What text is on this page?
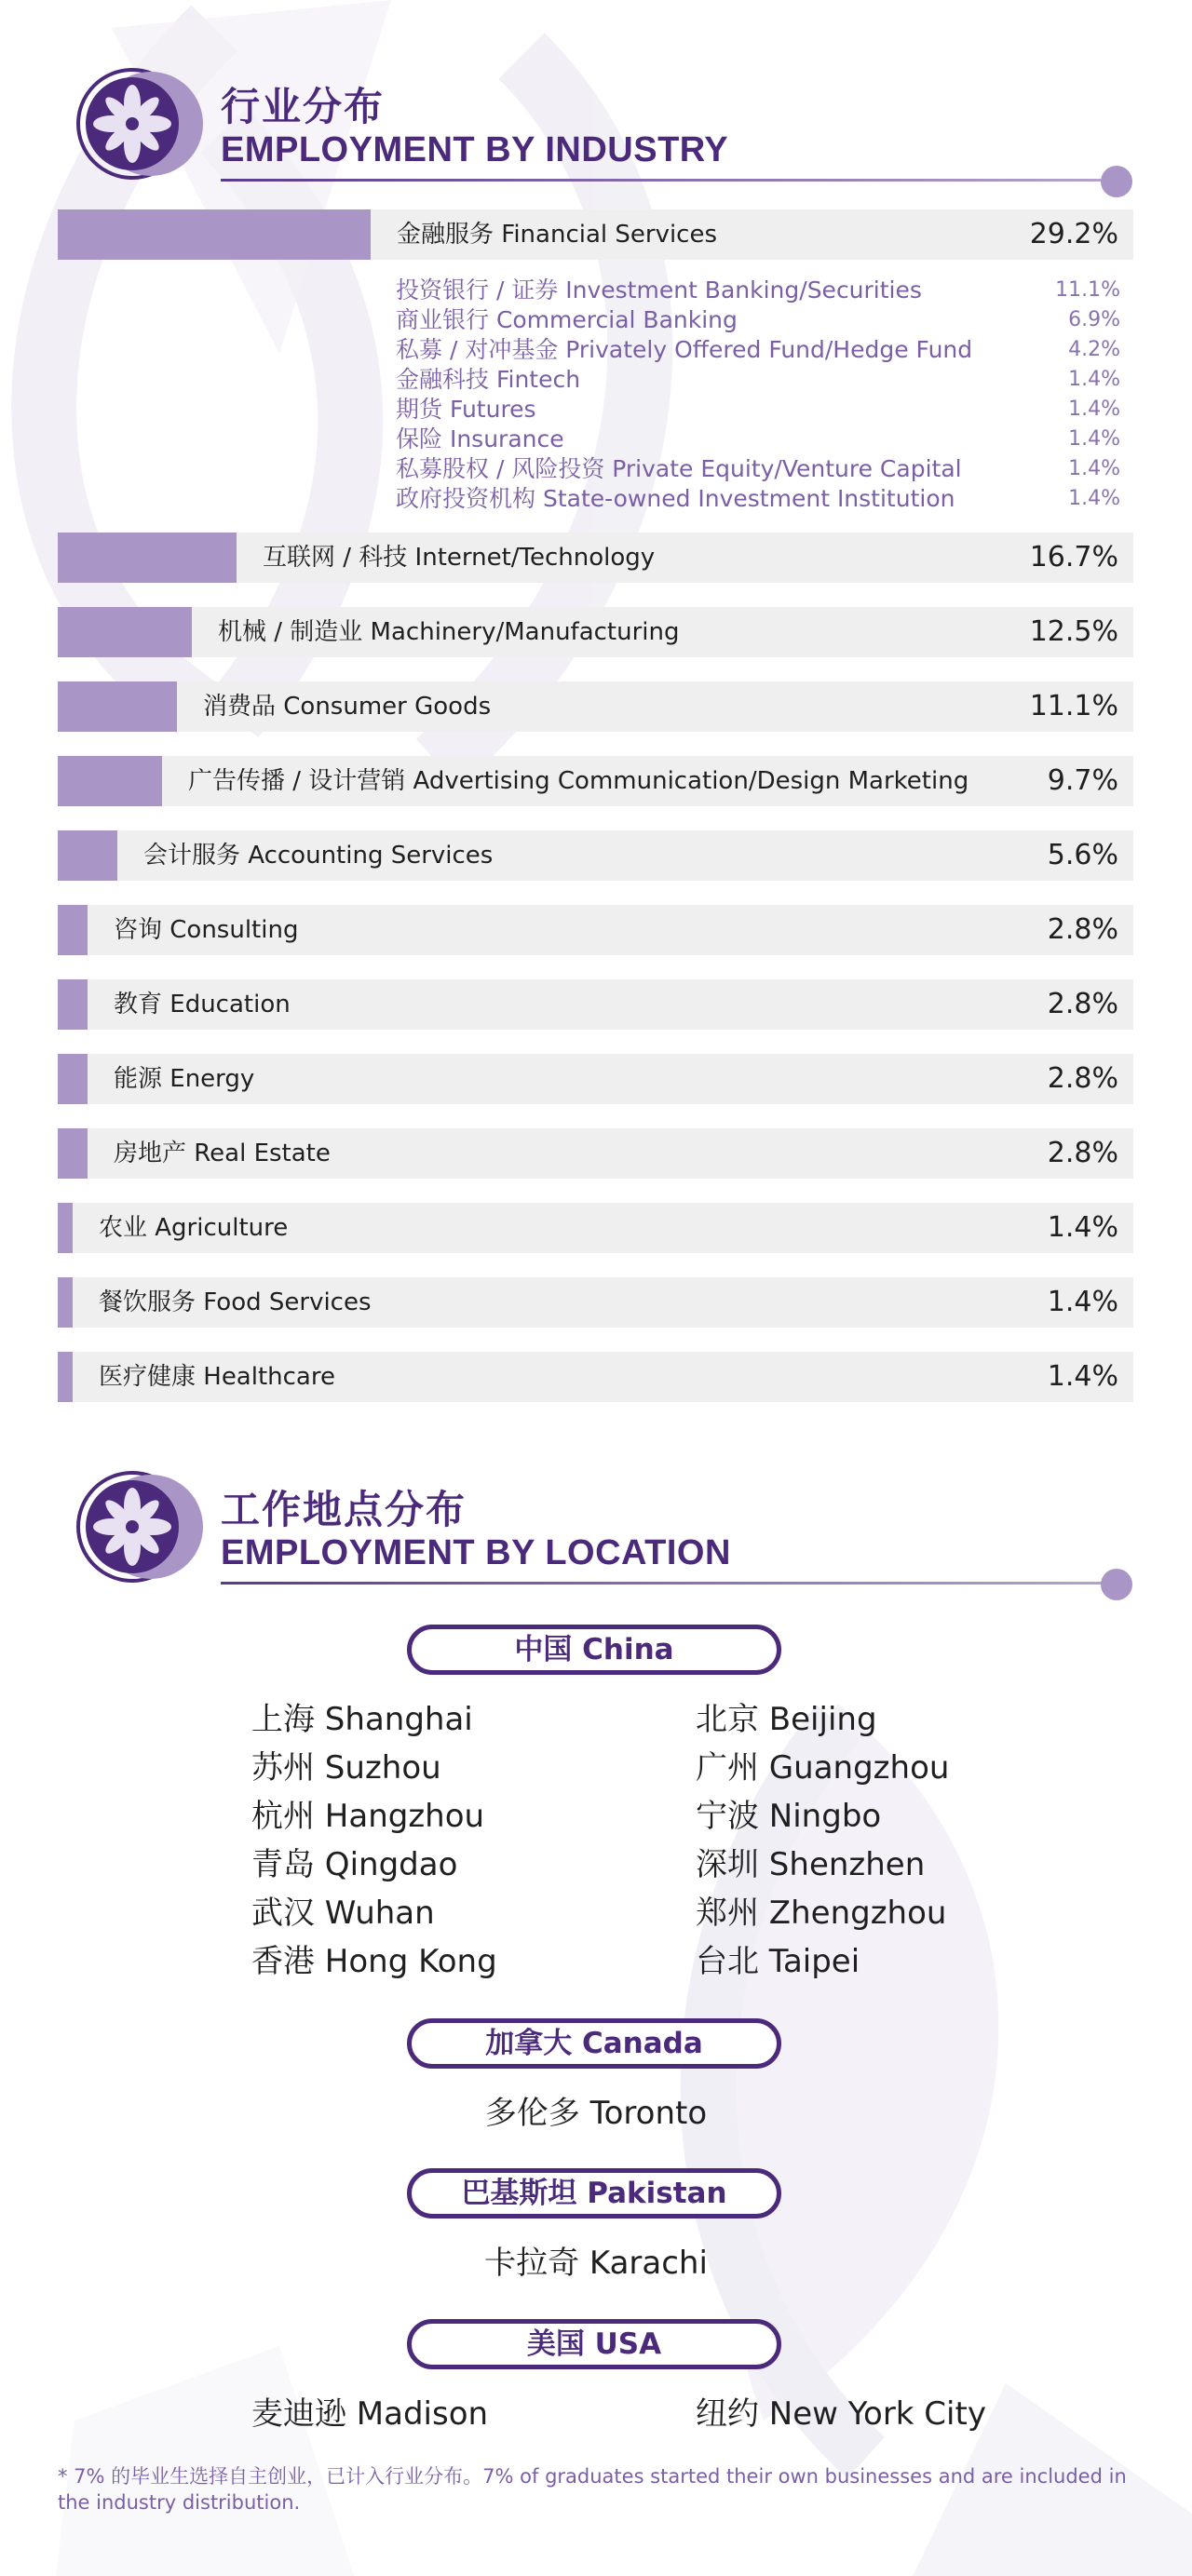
行业分布
EMPLOYMENT BY INDUSTRY
金融服务 Financial Services	29.2%
互联网 / 科技 Internet/Technology	16.7%
机械 / 制造业 Machinery/Manufacturing	12.5%
消费品 Consumer Goods	11.1%
广告传播 / 设计营销 Advertising Communication/Design Marketing	9.7%
会计服务 Accounting Services	5.6%
咨询 Consulting	2.8%
教育 Education	2.8%
能源 Energy	2.8%
房地产 Real Estate	2.8%
农业 Agriculture	1.4%
餐饮服务 Food Services	1.4%
医疗健康 Healthcare	1.4%
投资银行 / 证券 Investment Banking/Securities	11.1%
商业银行 Commercial Banking	6.9%
私募 / 对冲基金 Privately Offered Fund/Hedge Fund	4.2%
金融科技 Fintech	1.4%
期货 Futures	1.4%
保险 Insurance	1.4%
私募股权 / 风险投资 Private Equity/Venture Capital	1.4%
政府投资机构 State-owned Investment Institution	1.4%
工作地点分布
EMPLOYMENT BY LOCATION
中国 China
上海 Shanghai
苏州 Suzhou
杭州 Hangzhou
青岛 Qingdao
武汉 Wuhan
香港 Hong Kong
北京 Beijing
广州 Guangzhou
宁波 Ningbo
深圳 Shenzhen
郑州 Zhengzhou
台北 Taipei
加拿大 Canada
多伦多 Toronto
巴基斯坦 Pakistan
卡拉奇 Karachi
美国 USA
麦迪逊 Madison	纽约 New York City
* 7% 的毕业生选择自主创业，已计入行业分布。7% of graduates started their own businesses and are included in the industry distribution.
